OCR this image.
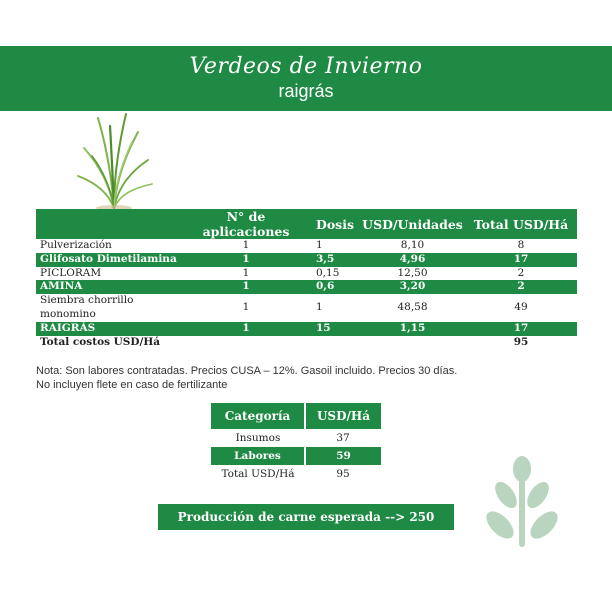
Verdeos de Invierno
raigrás
	N° de aplicaciones	Dosis	USD/Unidades	Total USD/Há
Pulverización	1	1	8,10	8
Glifosato Dimetilamina	1	3,5	4,96	17
PICLORAM	1	0,15	12,50	2
AMINA	1	0,6	3,20	2
Siembra chorrillo monomino	1	1	48,58	49
RAIGRÁS	1	15	1,15	17
Total costos USD/Há				95
Nota: Son labores contratadas. Precios CUSA – 12%. Gasoil incluido. Precios 30 días.
No incluyen flete en caso de fertilizante
Categoría	USD/Há
Insumos	37
Labores	59
Total USD/Há	95
Producción de carne esperada --> 250 Kg/Há
